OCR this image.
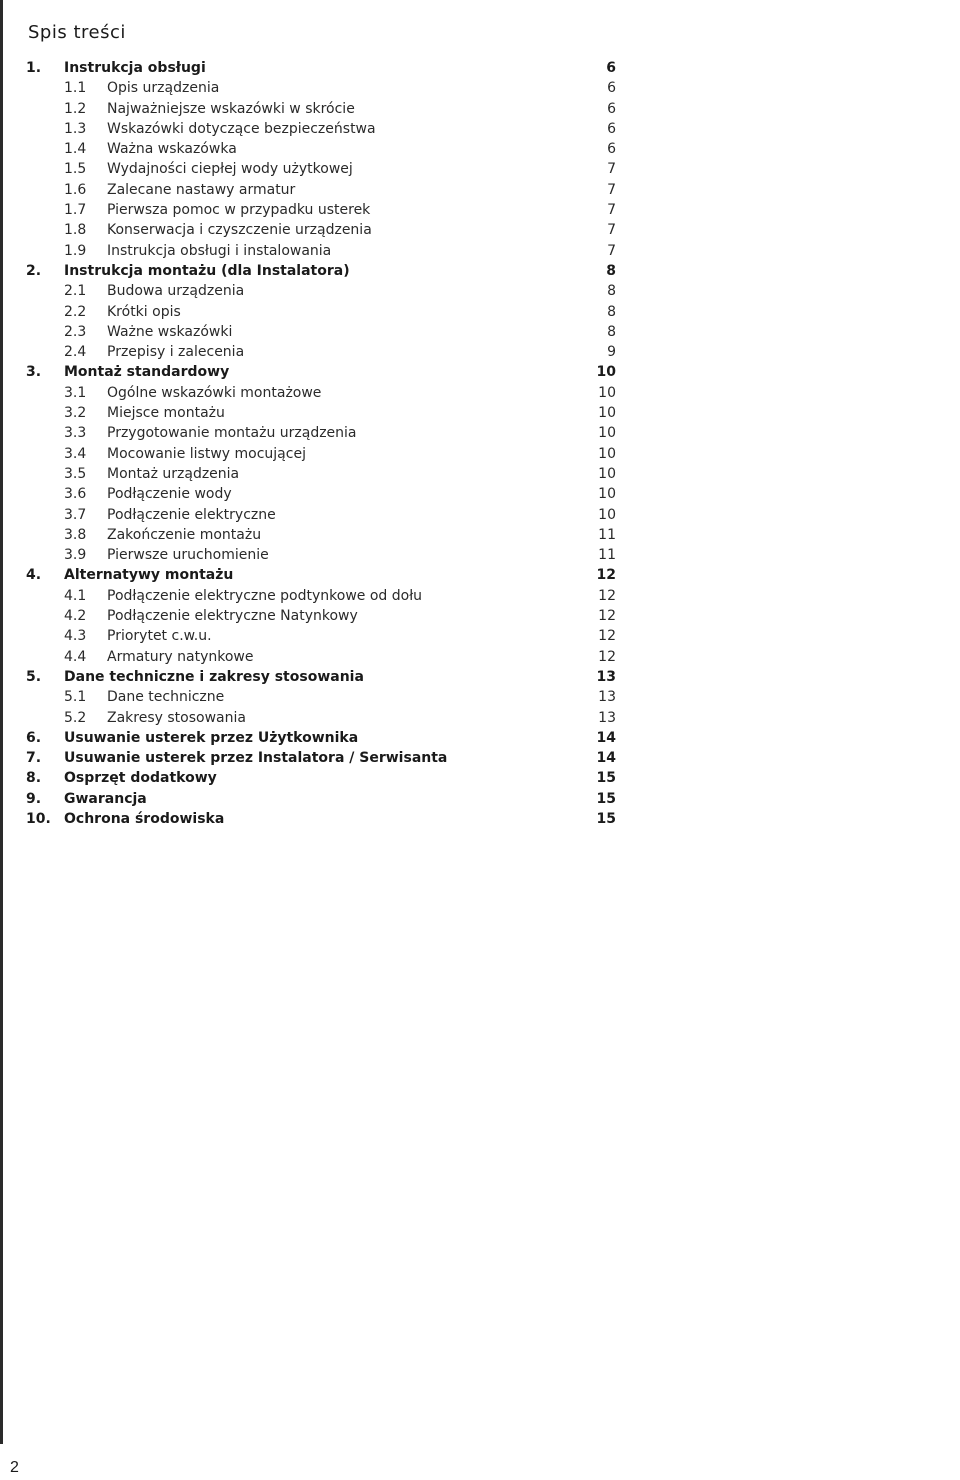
Spis treści
1. Instrukcja obsługi	6
1.1 Opis urządzenia	6
1.2 Najważniejsze wskazówki w skrócie	6
1.3 Wskazówki dotyczące bezpieczeństwa	6
1.4 Ważna wskazówka	6
1.5 Wydajności ciepłej wody użytkowej	7
1.6 Zalecane nastawy armatur	7
1.7 Pierwsza pomoc w przypadku usterek	7
1.8 Konserwacja i czyszczenie urządzenia	7
1.9 Instrukcja obsługi i instalowania	7
2. Instrukcja montażu (dla Instalatora)	8
2.1 Budowa urządzenia	8
2.2 Krótki opis	8
2.3 Ważne wskazówki	8
2.4 Przepisy i zalecenia	9
3. Montaż standardowy	10
3.1 Ogólne wskazówki montażowe	10
3.2 Miejsce montażu	10
3.3 Przygotowanie montażu urządzenia	10
3.4 Mocowanie listwy mocującej	10
3.5 Montaż urządzenia	10
3.6 Podłączenie wody	10
3.7 Podłączenie elektryczne	10
3.8 Zakończenie montażu	11
3.9 Pierwsze uruchomienie	11
4. Alternatywy montażu	12
4.1 Podłączenie elektryczne podtynkowe od dołu	12
4.2 Podłączenie elektryczne Natynkowy	12
4.3 Priorytet c.w.u.	12
4.4 Armatury natynkowe	12
5. Dane techniczne i zakresy stosowania	13
5.1 Dane techniczne	13
5.2 Zakresy stosowania	13
6. Usuwanie usterek przez Użytkownika	14
7. Usuwanie usterek przez Instalatora / Serwisanta	14
8. Osprzęt dodatkowy	15
9. Gwarancja	15
10. Ochrona środowiska	15
2
